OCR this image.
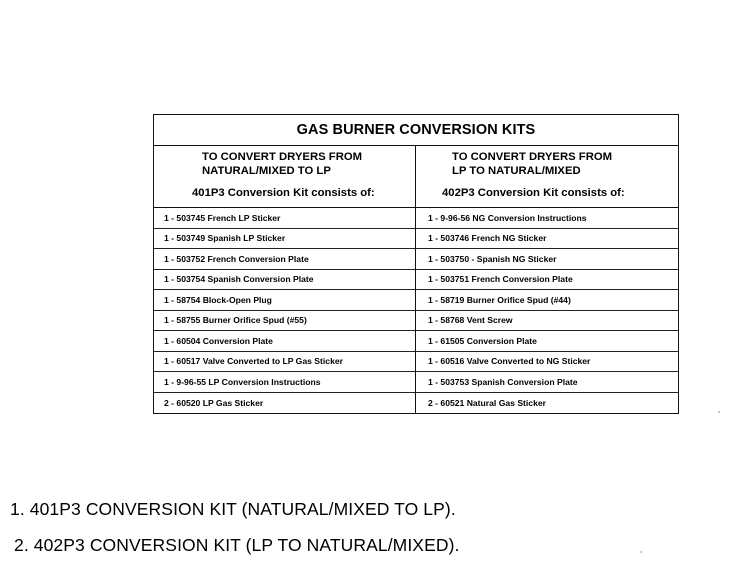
GAS BURNER CONVERSION KITS
TO CONVERT DRYERS FROM
NATURAL/MIXED TO LP
401P3 Conversion Kit consists of:
1 - 503745 French LP Sticker
1 - 503749 Spanish LP Sticker
1 - 503752 French Conversion Plate
1 - 503754 Spanish Conversion Plate
1 - 58754 Block-Open Plug
1 - 58755 Burner Orifice Spud (#55)
1 - 60504 Conversion Plate
1 - 60517 Valve Converted to LP Gas Sticker
1 - 9-96-55 LP Conversion Instructions
2 - 60520 LP Gas Sticker
TO CONVERT DRYERS FROM
LP TO NATURAL/MIXED
402P3 Conversion Kit consists of:
1 - 9-96-56 NG Conversion Instructions
1 - 503746 French NG Sticker
1 - 503750 - Spanish NG Sticker
1 - 503751 French Conversion Plate
1 - 58719 Burner Orifice Spud (#44)
1 - 58768 Vent Screw
1 - 61505 Conversion Plate
1 - 60516 Valve Converted to NG Sticker
1 - 503753 Spanish Conversion Plate
2 - 60521 Natural Gas Sticker
1. 401P3 CONVERSION KIT (NATURAL/MIXED TO LP).
2. 402P3 CONVERSION KIT (LP TO NATURAL/MIXED).
